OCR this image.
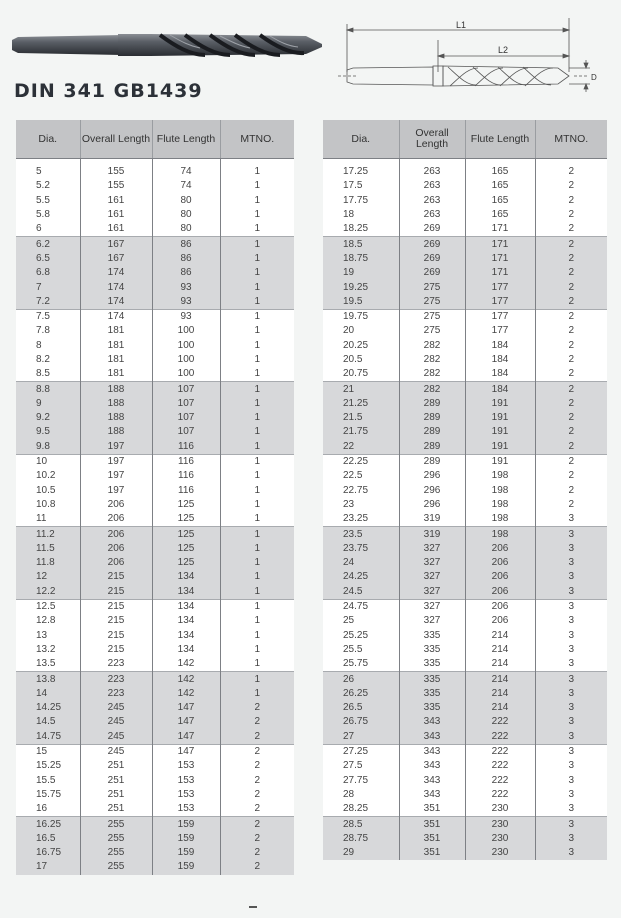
L1
L2
D
DIN 341 GB1439
Dia.	Overall Length	Flute Length	MTNO.
5	155	74	1
5.2	155	74	1
5.5	161	80	1
5.8	161	80	1
6	161	80	1
6.2	167	86	1
6.5	167	86	1
6.8	174	86	1
7	174	93	1
7.2	174	93	1
7.5	174	93	1
7.8	181	100	1
8	181	100	1
8.2	181	100	1
8.5	181	100	1
8.8	188	107	1
9	188	107	1
9.2	188	107	1
9.5	188	107	1
9.8	197	116	1
10	197	116	1
10.2	197	116	1
10.5	197	116	1
10.8	206	125	1
11	206	125	1
11.2	206	125	1
11.5	206	125	1
11.8	206	125	1
12	215	134	1
12.2	215	134	1
12.5	215	134	1
12.8	215	134	1
13	215	134	1
13.2	215	134	1
13.5	223	142	1
13.8	223	142	1
14	223	142	1
14.25	245	147	2
14.5	245	147	2
14.75	245	147	2
15	245	147	2
15.25	251	153	2
15.5	251	153	2
15.75	251	153	2
16	251	153	2
16.25	255	159	2
16.5	255	159	2
16.75	255	159	2
17	255	159	2
Dia.	Overall Length	Flute Length	MTNO.
17.25	263	165	2
17.5	263	165	2
17.75	263	165	2
18	263	165	2
18.25	269	171	2
18.5	269	171	2
18.75	269	171	2
19	269	171	2
19.25	275	177	2
19.5	275	177	2
19.75	275	177	2
20	275	177	2
20.25	282	184	2
20.5	282	184	2
20.75	282	184	2
21	282	184	2
21.25	289	191	2
21.5	289	191	2
21.75	289	191	2
22	289	191	2
22.25	289	191	2
22.5	296	198	2
22.75	296	198	2
23	296	198	2
23.25	319	198	3
23.5	319	198	3
23.75	327	206	3
24	327	206	3
24.25	327	206	3
24.5	327	206	3
24.75	327	206	3
25	327	206	3
25.25	335	214	3
25.5	335	214	3
25.75	335	214	3
26	335	214	3
26.25	335	214	3
26.5	335	214	3
26.75	343	222	3
27	343	222	3
27.25	343	222	3
27.5	343	222	3
27.75	343	222	3
28	343	222	3
28.25	351	230	3
28.5	351	230	3
28.75	351	230	3
29	351	230	3
